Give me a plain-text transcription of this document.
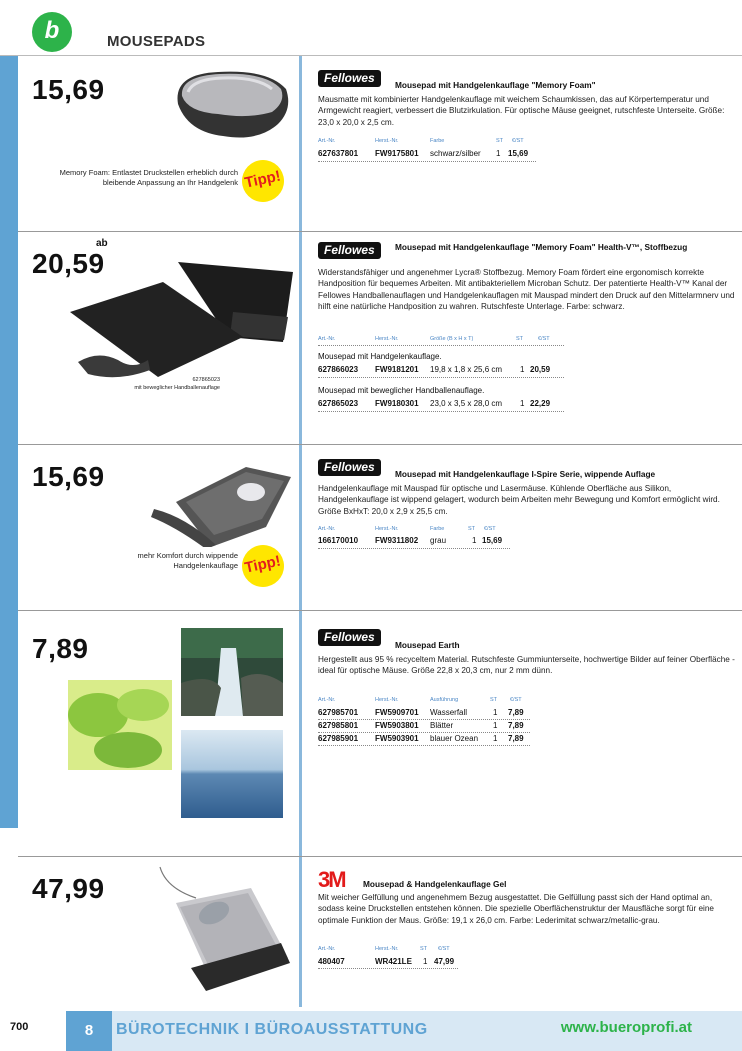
b	MOUSEPADS
15,69
Memory Foam: Entlastet Druckstellen erheblich durch bleibende Anpassung an Ihr Handgelenk Tipp!
Fellowes	Mousepad mit Handgelenkauflage "Memory Foam"
Mausmatte mit kombinierter Handgelenkauflage mit weichem Schaumkissen, das auf Körpertemperatur und Armgewicht reagiert, verbessert die Blutzirkulation. Für optische Mäuse geeignet, rutschfeste Unterseite. Größe: 23,0 x 20,0 x 2,5 cm.
Art.-Nr.	Herst.-Nr.	Farbe	ST €/ST
627637801 FW9175801 schwarz/silber 1 15,69
ab
20,59
627865023
mit beweglicher Handballenauflage
Fellowes	Mousepad mit Handgelenkauflage "Memory Foam" Health-V™, Stoffbezug
Widerstandsfähiger und angenehmer Lycra® Stoffbezug. Memory Foam fördert eine ergonomisch korrekte Handposition für bequemes Arbeiten. Mit antibakteriellem Microban Schutz. Der patentierte Health-V™ Kanal der Fellowes Handballenauflagen und Handgelenkauflagen mit Mauspad mindert den Druck auf den Mittelarmnerv und hilft eine natürliche Handposition zu wahren. Rutschfeste Unterlage. Farbe: schwarz.
Art.-Nr.	Herst.-Nr.	Größe (B x H x T)	ST	€/ST
Mousepad mit Handgelenkauflage.
627866023 FW9181201 19,8 x 1,8 x 25,6 cm 1 20,59
Mousepad mit beweglicher Handballenauflage.
627865023 FW9180301 23,0 x 3,5 x 28,0 cm 1 22,29
15,69
mehr Komfort durch wippende Handgelenkauflage Tipp!
Fellowes	Mousepad mit Handgelenkauflage I-Spire Serie, wippende Auflage
Handgelenkauflage mit Mauspad für optische und Lasermäuse. Kühlende Oberfläche aus Silikon, Handgelenkauflage ist wippend gelagert, wodurch beim Arbeiten mehr Bewegung und Komfort ermöglicht wird. Größe BxHxT: 20,0 x 2,9 x 25,5 cm.
Art.-Nr.	Herst.-Nr.	Farbe	ST €/ST
166170010 FW9311802 grau	1 15,69
7,89	Fellowes
Mousepad Earth
Hergestellt aus 95 % recyceltem Material. Rutschfeste Gummiunterseite, hochwertige Bilder auf feiner Oberfläche - ideal für optische Mäuse. Größe 22,8 x 20,3 cm, nur 2 mm dünn.
Art.-Nr.	Herst.-Nr.	Ausführung	ST €/ST
627985701 FW5909701 Wasserfall	1 7,89
627985801 FW5903801 Blätter	1 7,89
627985901 FW5903901 blauer Ozean 1 7,89
47,99	3M Mousepad & Handgelenkauflage Gel
Mit weicher Gelfüllung und angenehmem Bezug ausgestattet. Die Gelfüllung passt sich der Hand optimal an, sodass keine Druckstellen entstehen können. Die spezielle Oberflächenstruktur der Mausfläche sorgt für eine optimale Funktion der Maus. Größe: 19,1 x 26,0 cm. Farbe: Lederimitat schwarz/metallic-grau.
Art.-Nr.	Herst.-Nr.	ST €/ST
480407	WR421LE 1 47,99
700	8	BÜROTECHNIK I BÜROAUSSTATTUNG	www.bueroprofi.at
